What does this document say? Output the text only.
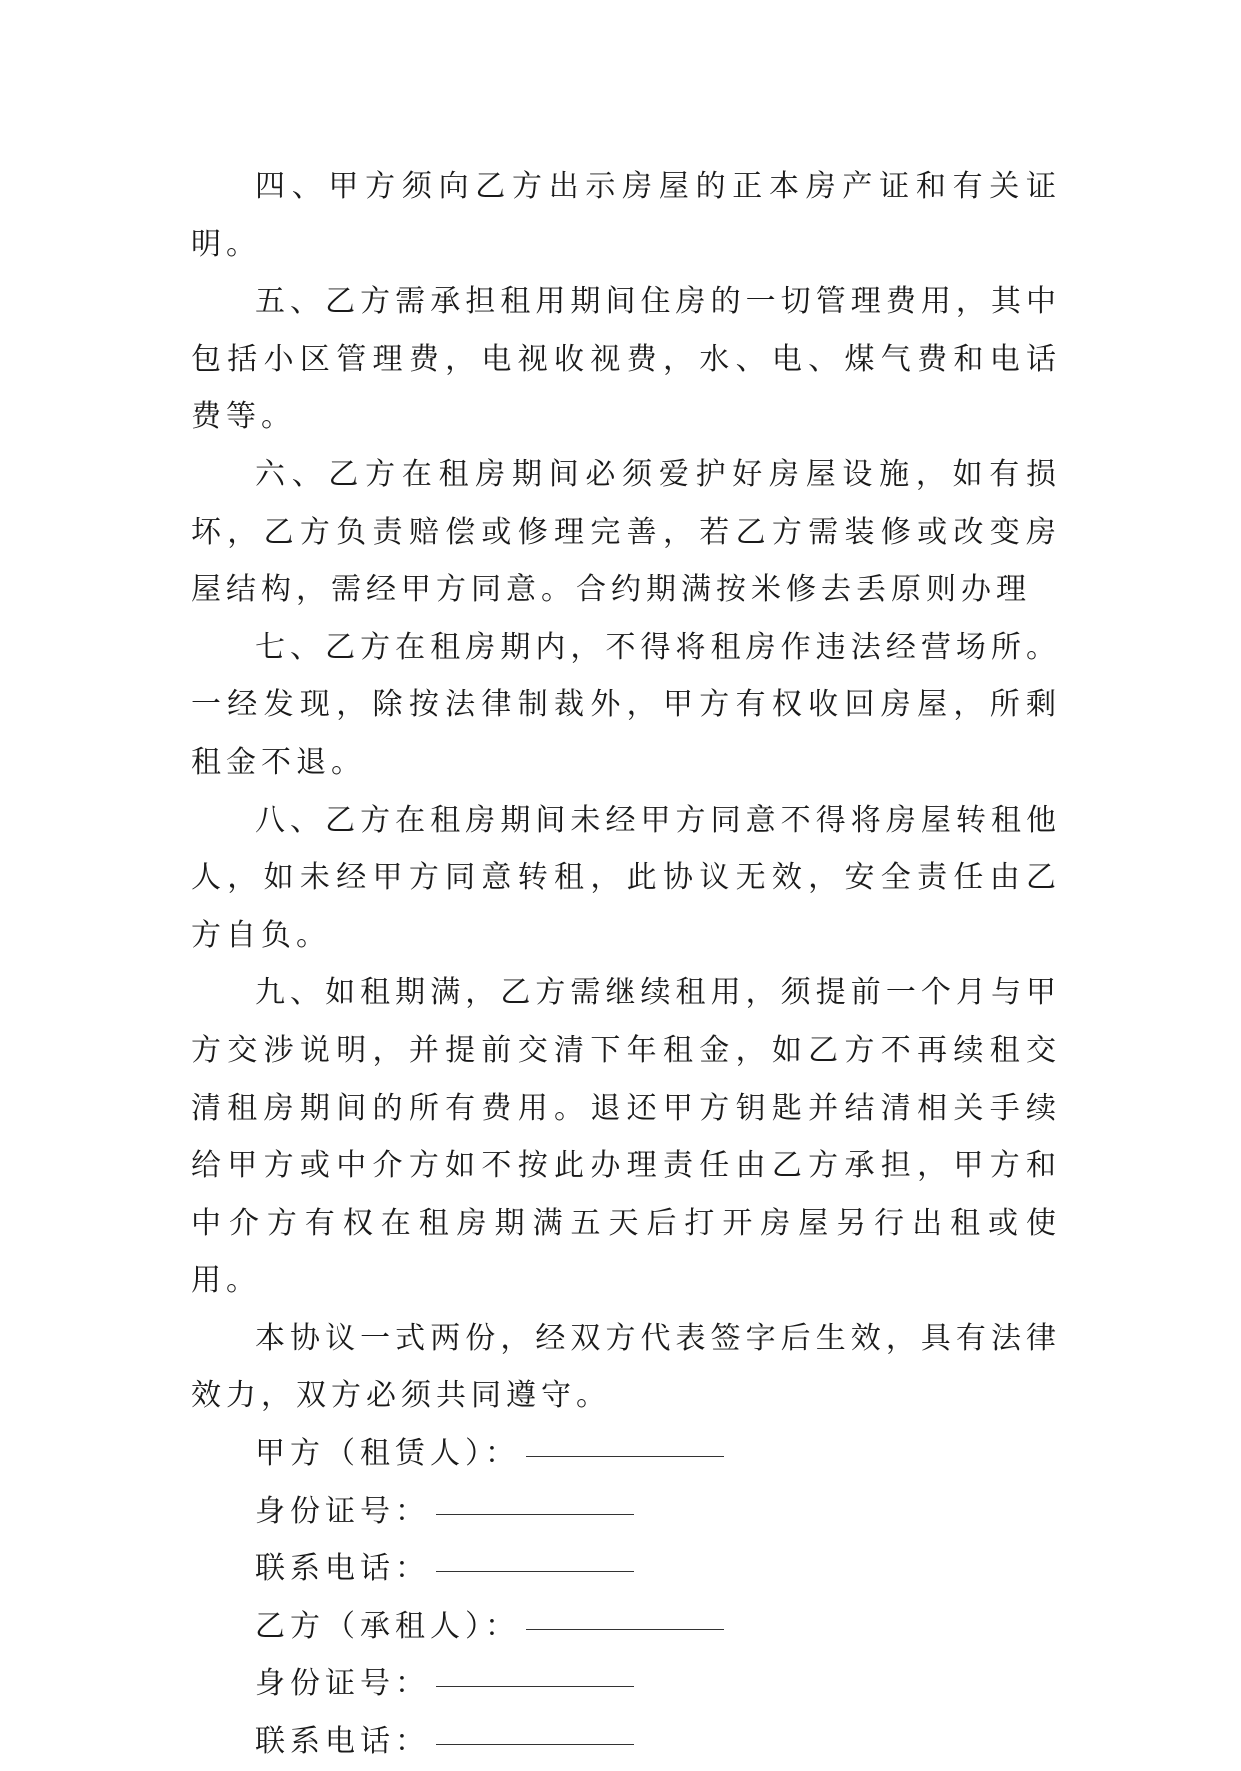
四、甲方须向乙方出示房屋的正本房产证和有关证明。

五、乙方需承担租用期间住房的一切管理费用，其中包括小区管理费，电视收视费，水、电、煤气费和电话费等。

六、乙方在租房期间必须爱护好房屋设施，如有损坏，乙方负责赔偿或修理完善，若乙方需装修或改变房屋结构，需经甲方同意。合约期满按米修去丢原则办理

七、乙方在租房期内，不得将租房作违法经营场所。一经发现，除按法律制裁外，甲方有权收回房屋，所剩租金不退。

八、乙方在租房期间未经甲方同意不得将房屋转租他人，如未经甲方同意转租，此协议无效，安全责任由乙方自负。

九、如租期满，乙方需继续租用，须提前一个月与甲方交涉说明，并提前交清下年租金，如乙方不再续租交清租房期间的所有费用。退还甲方钥匙并结清相关手续给甲方或中介方如不按此办理责任由乙方承担，甲方和中介方有权在租房期满五天后打开房屋另行出租或使用。

本协议一式两份，经双方代表签字后生效，具有法律效力，双方必须共同遵守。

甲方（租赁人）：

身份证号：

联系电话：

乙方（承租人）：

身份证号：

联系电话：
